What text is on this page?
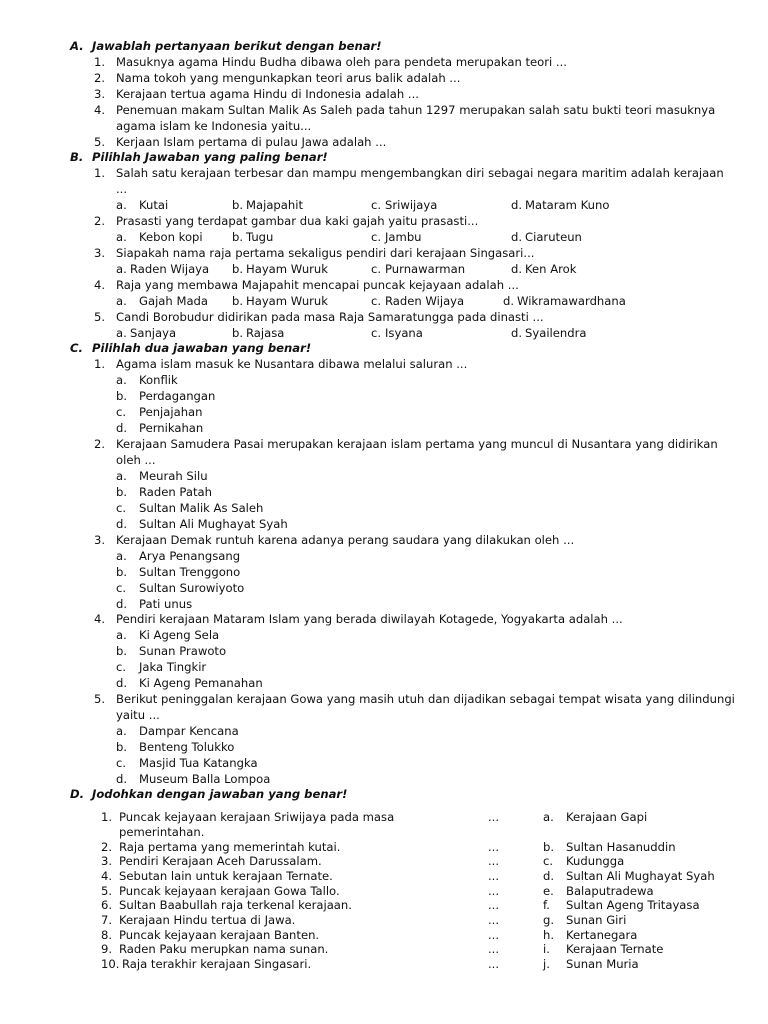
A. Jawablah pertanyaan berikut dengan benar!
1. Masuknya agama Hindu Budha dibawa oleh para pendeta merupakan teori ...
2. Nama tokoh yang mengunkapkan teori arus balik adalah ...
3. Kerajaan tertua agama Hindu di Indonesia adalah ...
4. Penemuan makam Sultan Malik As Saleh pada tahun 1297 merupakan salah satu bukti teori masuknya
agama islam ke Indonesia yaitu...
5. Kerjaan Islam pertama di pulau Jawa adalah ...
B. Pilihlah Jawaban yang paling benar!
1. Salah satu kerajaan terbesar dan mampu mengembangkan diri sebagai negara maritim adalah kerajaan
...
a. Kutai	b. Majapahit	c. Sriwijaya	d. Mataram Kuno
2. Prasasti yang terdapat gambar dua kaki gajah yaitu prasasti...
a. Kebon kopi	b. Tugu	c. Jambu	d. Ciaruteun
3. Siapakah nama raja pertama sekaligus pendiri dari kerajaan Singasari...
a. Raden Wijaya b. Hayam Wuruk	c. Purnawarman	d. Ken Arok
4. Raja yang membawa Majapahit mencapai puncak kejayaan adalah ...
a. Gajah Mada b. Hayam Wuruk	c. Raden Wijaya	d. Wikramawardhana
5. Candi Borobudur didirikan pada masa Raja Samaratungga pada dinasti ...
a. Sanjaya	b. Rajasa	c. Isyana	d. Syailendra
C. Pilihlah dua jawaban yang benar!
1. Agama islam masuk ke Nusantara dibawa melalui saluran ...
a. Konflik
b. Perdagangan
c. Penjajahan
d. Pernikahan
2. Kerajaan Samudera Pasai merupakan kerajaan islam pertama yang muncul di Nusantara yang didirikan
oleh ...
a. Meurah Silu
b. Raden Patah
c. Sultan Malik As Saleh
d. Sultan Ali Mughayat Syah
3. Kerajaan Demak runtuh karena adanya perang saudara yang dilakukan oleh ...
a. Arya Penangsang
b. Sultan Trenggono
c. Sultan Surowiyoto
d. Pati unus
4. Pendiri kerajaan Mataram Islam yang berada diwilayah Kotagede, Yogyakarta adalah ...
a. Ki Ageng Sela
b. Sunan Prawoto
c. Jaka Tingkir
d. Ki Ageng Pemanahan
5. Berikut peninggalan kerajaan Gowa yang masih utuh dan dijadikan sebagai tempat wisata yang dilindungi
yaitu ...
a. Dampar Kencana
b. Benteng Tolukko
c. Masjid Tua Katangka
d. Museum Balla Lompoa
D. Jodohkan dengan jawaban yang benar!
1. Puncak kejayaan kerajaan Sriwijaya pada masa
pemerintahan.
...	a. Kerajaan Gapi
2. Raja pertama yang memerintah kutai.	...	b. Sultan Hasanuddin
3. Pendiri Kerajaan Aceh Darussalam.	...	c. Kudungga
4. Sebutan lain untuk kerajaan Ternate.	...	d. Sultan Ali Mughayat Syah
5. Puncak kejayaan kerajaan Gowa Tallo.	...	e. Balaputradewa
6. Sultan Baabullah raja terkenal kerajaan.	...	f. Sultan Ageng Tritayasa
7. Kerajaan Hindu tertua di Jawa.	...	g. Sunan Giri
8. Puncak kejayaan kerajaan Banten.	...	h. Kertanegara
9. Raden Paku merupkan nama sunan.	...	i. Kerajaan Ternate
10. Raja terakhir kerajaan Singasari.	...	j. Sunan Muria
